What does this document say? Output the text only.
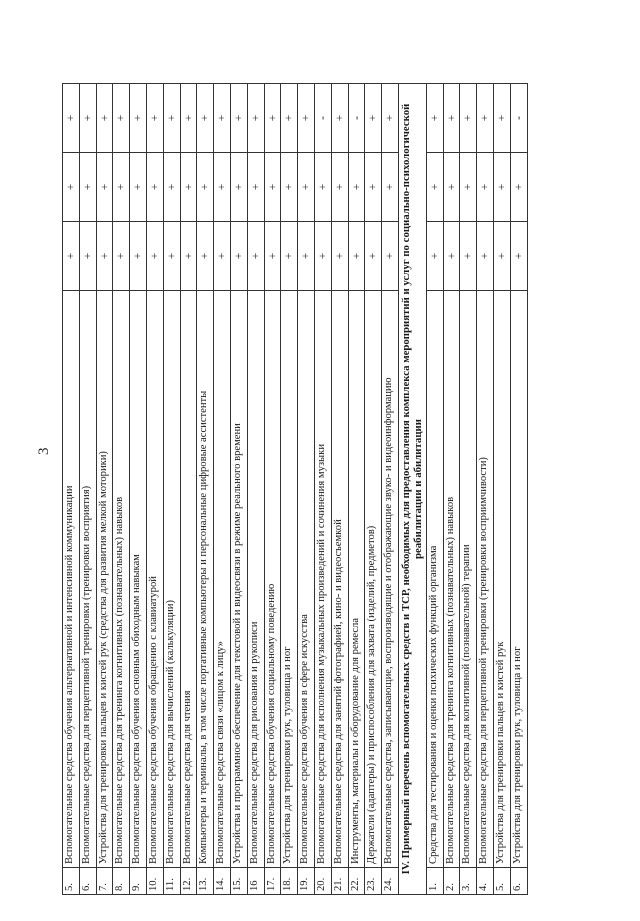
3
5.	Вспомогательные средства обучения альтернативной и интенсивной коммуникации	+	+	+
6.	Вспомогательные средства для перцептивной тренировки (тренировки восприятия)	+	+	+
7.	Устройства для тренировки пальцев и кистей рук (средства для развития мелкой моторики)	+	+	+
8.	Вспомогательные средства для тренинга когнитивных (познавательных) навыков	+	+	+
9.	Вспомогательные средства обучения основным обиходным навыкам	+	+	+
10.	Вспомогательные средства обучения обращению с клавиатурой	+	+	+
11.	Вспомогательные средства для вычислений (калькуляции)	+	+	+
12.	Вспомогательные средства для чтения	+	+	+
13.	Компьютеры и терминалы, в том числе портативные компьютеры и персональные цифровые ассистенты	+	+	+
14.	Вспомогательные средства связи «лицом к лицу»	+	+	+
15.	Устройства и программное обеспечение для текстовой и видеосвязи в режиме реального времени	+	+	+
16	Вспомогательные средства для рисования и рукописи	+	+	+
17.	Вспомогательные средства обучения социальному поведению	+	+	+
18.	Устройства для тренировки рук, туловища и ног	+	+	+
19.	Вспомогательные средства обучения в сфере искусства	+	+	+
20.	Вспомогательные средства для исполнения музыкальных произведений и сочинения музыки	+	+	-
21.	Вспомогательные средства для занятий фотографией, кино- и видеосъемкой	+	+	+
22.	Инструменты, материалы и оборудование для ремесла	+	+	-
23.	Держатели (адаптеры) и приспособления для захвата (изделий, предметов)	+	+	+
24.	Вспомогательные средства, записывающие, воспроизводящие и отображающие звуко- и видеоинформацию	+	+	+
IV. Примерный перечень вспомогательных средств и ТСР, необходимых для предоставления комплекса мероприятий и услуг по социально-психологической реабилитации и абилитации				
1.	Средства для тестирования и оценки психических функций организма	+	+	+
2.	Вспомогательные средства для тренинга когнитивных (познавательных) навыков	+	+	+
3.	Вспомогательные средства для когнитивной (познавательной) терапии	+	+	+
4.	Вспомогательные средства для перцептивной тренировки (тренировки восприимчивости)	+	+	+
5.	Устройства для тренировки пальцев и кистей рук	+	+	+
6.	Устройства для тренировки рук, туловища и ног	+	+	-
